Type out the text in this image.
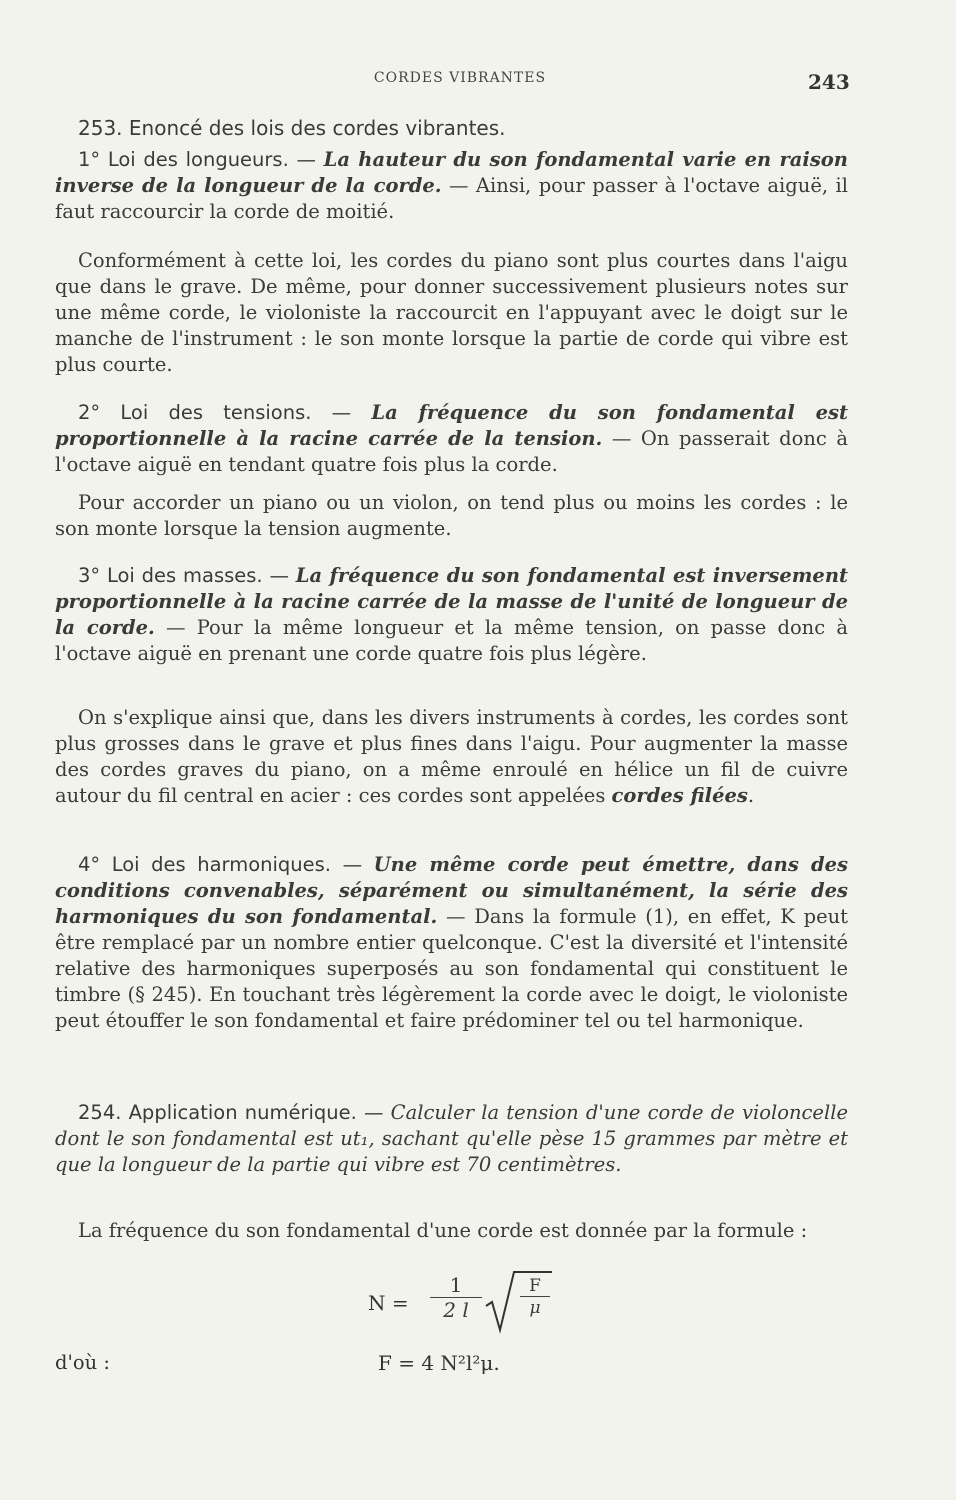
CORDES VIBRANTES	243
253. Enoncé des lois des cordes vibrantes.

1° Loi des longueurs. — La hauteur du son fondamental varie en raison inverse de la longueur de la corde. — Ainsi, pour passer à l'octave aiguë, il faut raccourcir la corde de moitié.

Conformément à cette loi, les cordes du piano sont plus courtes dans l'aigu que dans le grave. De même, pour donner successivement plusieurs notes sur une même corde, le violoniste la raccourcit en l'appuyant avec le doigt sur le manche de l'instrument : le son monte lorsque la partie de corde qui vibre est plus courte.

2° Loi des tensions. — La fréquence du son fondamental est proportionnelle à la racine carrée de la tension. — On passerait donc à l'octave aiguë en tendant quatre fois plus la corde.

Pour accorder un piano ou un violon, on tend plus ou moins les cordes : le son monte lorsque la tension augmente.

3° Loi des masses. — La fréquence du son fondamental est inversement proportionnelle à la racine carrée de la masse de l'unité de longueur de la corde. — Pour la même longueur et la même tension, on passe donc à l'octave aiguë en prenant une corde quatre fois plus légère.

On s'explique ainsi que, dans les divers instruments à cordes, les cordes sont plus grosses dans le grave et plus fines dans l'aigu. Pour augmenter la masse des cordes graves du piano, on a même enroulé en hélice un fil de cuivre autour du fil central en acier : ces cordes sont appelées cordes filées.

4° Loi des harmoniques. — Une même corde peut émettre, dans des conditions convenables, séparément ou simultanément, la série des harmoniques du son fondamental. — Dans la formule (1), en effet, K peut être remplacé par un nombre entier quelconque. C'est la diversité et l'intensité relative des harmoniques superposés au son fondamental qui constituent le timbre (§ 245). En touchant très légèrement la corde avec le doigt, le violoniste peut étouffer le son fondamental et faire prédominer tel ou tel harmonique.

254. Application numérique. — Calculer la tension d'une corde de violoncelle dont le son fondamental est ut₁, sachant qu'elle pèse 15 grammes par mètre et que la longueur de la partie qui vibre est 70 centimètres.

La fréquence du son fondamental d'une corde est donnée par la formule :

N =
1
2 l
F
μ
d'où :	F = 4 N²l²μ.
